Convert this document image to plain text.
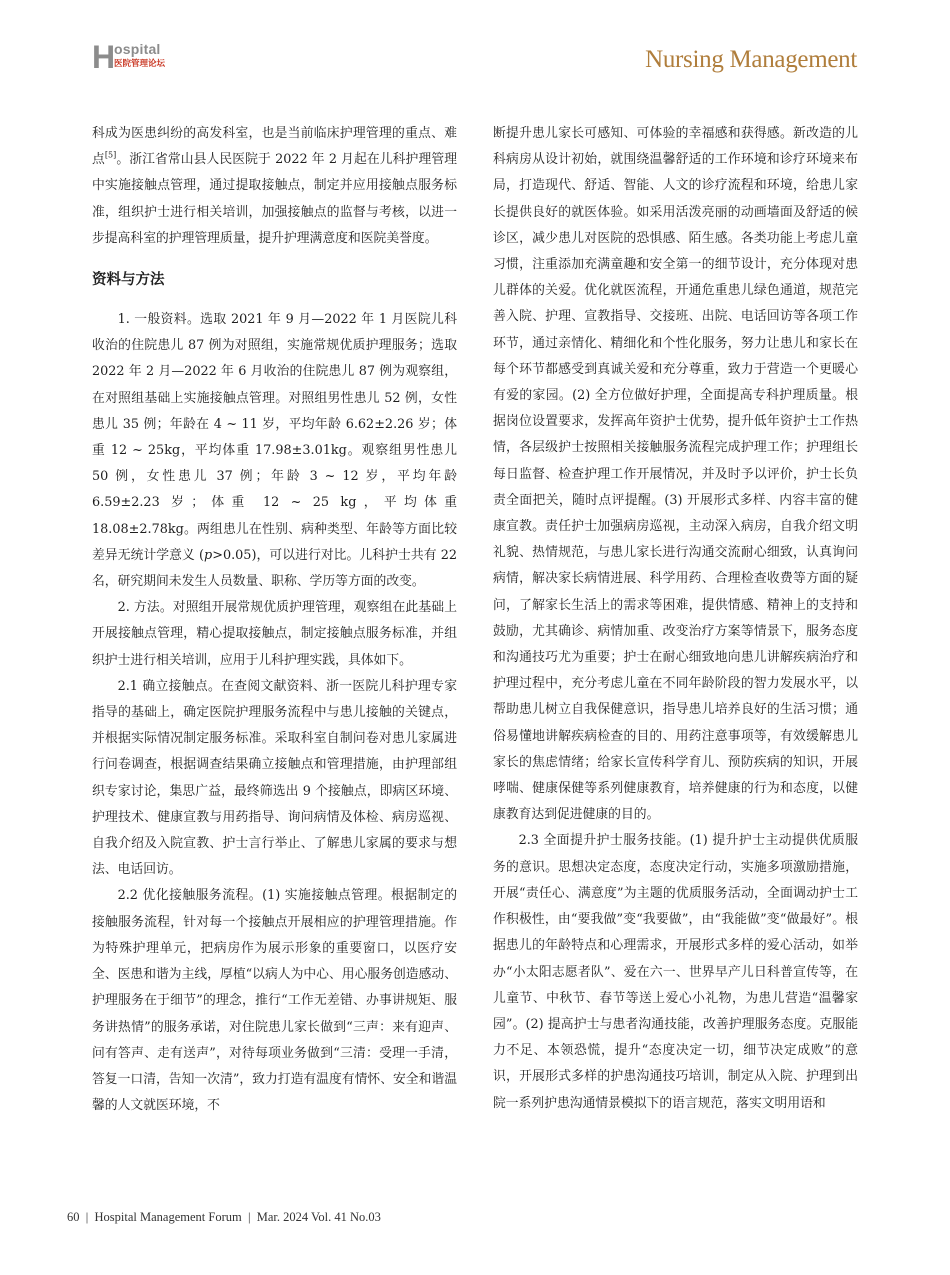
H
ospital
医院管理论坛	Nursing Management

科成为医患纠纷的高发科室，也是当前临床护理管理的重点、难点[5]。浙江省常山县人民医院于 2022 年 2 月起在儿科护理管理中实施接触点管理，通过提取接触点，制定并应用接触点服务标准，组织护士进行相关培训，加强接触点的监督与考核，以进一步提高科室的护理管理质量，提升护理满意度和医院美誉度。

资料与方法

1. 一般资料。选取 2021 年 9 月—2022 年 1 月医院儿科收治的住院患儿 87 例为对照组，实施常规优质护理服务；选取 2022 年 2 月—2022 年 6 月收治的住院患儿 87 例为观察组，在对照组基础上实施接触点管理。对照组男性患儿 52 例，女性患儿 35 例；年龄在 4 ~ 11 岁，平均年龄 6.62±2.26 岁；体重 12 ~ 25kg，平均体重 17.98±3.01kg。观察组男性患儿 50 例，女性患儿 37 例；年龄 3 ~ 12 岁，平均年龄 6.59±2.23 岁；体重 12 ~ 25 kg，平均体重 18.08±2.78kg。两组患儿在性别、病种类型、年龄等方面比较差异无统计学意义 (p>0.05)，可以进行对比。儿科护士共有 22 名，研究期间未发生人员数量、职称、学历等方面的改变。

2. 方法。对照组开展常规优质护理管理，观察组在此基础上开展接触点管理，精心提取接触点，制定接触点服务标准，并组织护士进行相关培训，应用于儿科护理实践，具体如下。

2.1 确立接触点。在查阅文献资料、浙一医院儿科护理专家指导的基础上，确定医院护理服务流程中与患儿接触的关键点，并根据实际情况制定服务标准。采取科室自制问卷对患儿家属进行问卷调查，根据调查结果确立接触点和管理措施，由护理部组织专家讨论，集思广益，最终筛选出 9 个接触点，即病区环境、护理技术、健康宣教与用药指导、询问病情及体检、病房巡视、自我介绍及入院宣教、护士言行举止、了解患儿家属的要求与想法、电话回访。

2.2 优化接触服务流程。(1) 实施接触点管理。根据制定的接触服务流程，针对每一个接触点开展相应的护理管理措施。作为特殊护理单元，把病房作为展示形象的重要窗口，以医疗安全、医患和谐为主线，厚植“以病人为中心、用心服务创造感动、护理服务在于细节”的理念，推行“工作无差错、办事讲规矩、服务讲热情”的服务承诺，对住院患儿家长做到“三声：来有迎声、问有答声、走有送声”，对待每项业务做到“三清：受理一手清，答复一口清，告知一次清”，致力打造有温度有情怀、安全和谐温馨的人文就医环境，不

断提升患儿家长可感知、可体验的幸福感和获得感。新改造的儿科病房从设计初始，就围绕温馨舒适的工作环境和诊疗环境来布局，打造现代、舒适、智能、人文的诊疗流程和环境，给患儿家长提供良好的就医体验。如采用活泼亮丽的动画墙面及舒适的候诊区，减少患儿对医院的恐惧感、陌生感。各类功能上考虑儿童习惯，注重添加充满童趣和安全第一的细节设计，充分体现对患儿群体的关爱。优化就医流程，开通危重患儿绿色通道，规范完善入院、护理、宣教指导、交接班、出院、电话回访等各项工作环节，通过亲情化、精细化和个性化服务，努力让患儿和家长在每个环节都感受到真诚关爱和充分尊重，致力于营造一个更暖心有爱的家园。(2) 全方位做好护理，全面提高专科护理质量。根据岗位设置要求，发挥高年资护士优势，提升低年资护士工作热情，各层级护士按照相关接触服务流程完成护理工作；护理组长每日监督、检查护理工作开展情况，并及时予以评价，护士长负责全面把关，随时点评提醒。(3) 开展形式多样、内容丰富的健康宣教。责任护士加强病房巡视，主动深入病房，自我介绍文明礼貌、热情规范，与患儿家长进行沟通交流耐心细致，认真询问病情，解决家长病情进展、科学用药、合理检查收费等方面的疑问，了解家长生活上的需求等困难，提供情感、精神上的支持和鼓励，尤其确诊、病情加重、改变治疗方案等情景下，服务态度和沟通技巧尤为重要；护士在耐心细致地向患儿讲解疾病治疗和护理过程中，充分考虑儿童在不同年龄阶段的智力发展水平，以帮助患儿树立自我保健意识，指导患儿培养良好的生活习惯；通俗易懂地讲解疾病检查的目的、用药注意事项等，有效缓解患儿家长的焦虑情绪；给家长宣传科学育儿、预防疾病的知识，开展哮喘、健康保健等系列健康教育，培养健康的行为和态度，以健康教育达到促进健康的目的。

2.3 全面提升护士服务技能。(1) 提升护士主动提供优质服务的意识。思想决定态度，态度决定行动，实施多项激励措施，开展“责任心、满意度”为主题的优质服务活动，全面调动护士工作积极性，由“要我做”变“我要做”，由“我能做”变“做最好”。根据患儿的年龄特点和心理需求，开展形式多样的爱心活动，如举办“小太阳志愿者队”、爱在六一、世界早产儿日科普宣传等，在儿童节、中秋节、春节等送上爱心小礼物，为患儿营造“温馨家园”。(2) 提高护士与患者沟通技能，改善护理服务态度。克服能力不足、本领恐慌，提升“态度决定一切，细节决定成败”的意识，开展形式多样的护患沟通技巧培训，制定从入院、护理到出院一系列护患沟通情景模拟下的语言规范，落实文明用语和

60  |  Hospital Management Forum  |  Mar. 2024 Vol. 41 No.03
